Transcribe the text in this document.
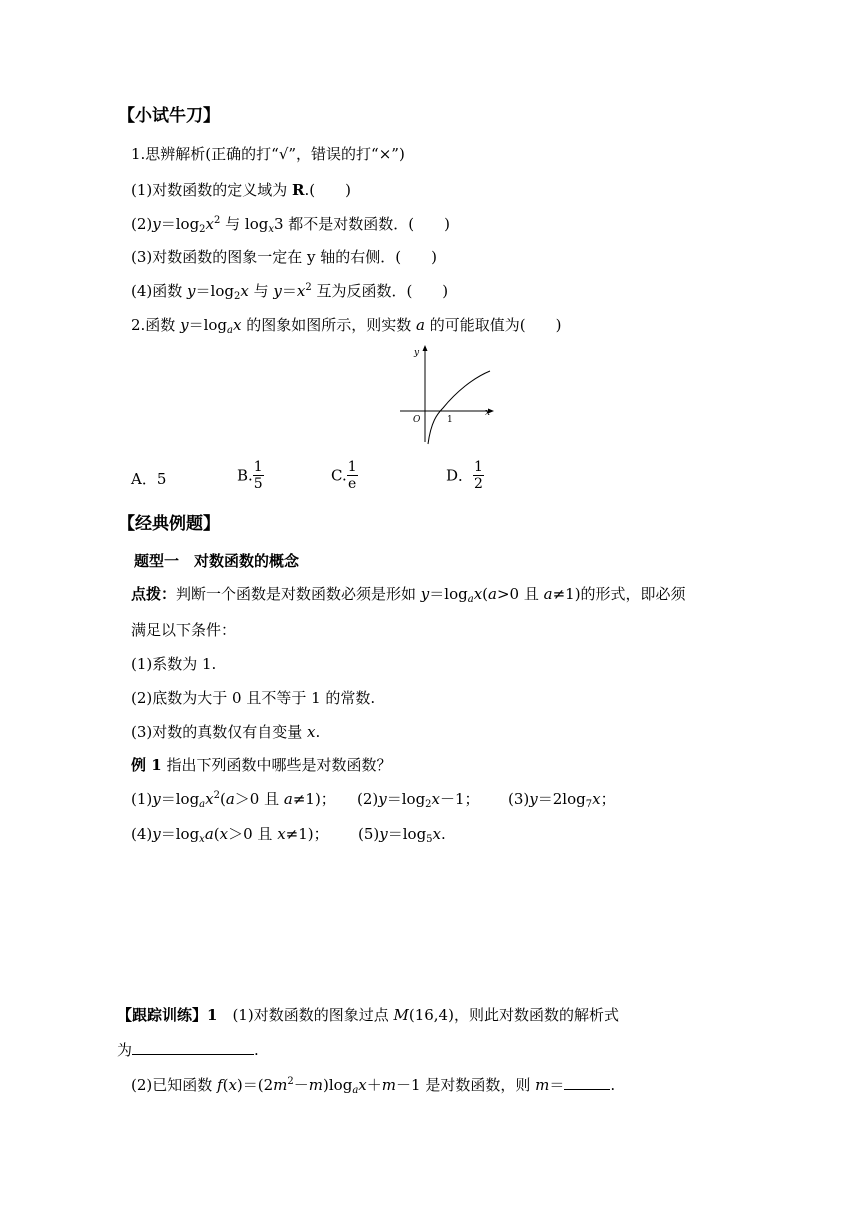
【小试牛刀】
1.思辨解析(正确的打“√”，错误的打“×”)
(1)对数函数的定义域为 R.(　　)
$(2)y=\log_2x^2$ 与 $\log_x3$ 都不是对数函数．(　　)
(3)对数函数的图象一定在 y 轴的右侧．(　　)
(4)函数 $y=\log_2x$ 与 $y=x^2$ 互为反函数．(　　)
2.函数 $y=\log_ax$ 的图象如图所示，则实数 a 的可能取值为(　　)
y
x
O	1
A．5	B. $\frac{1}{5}$	C. $\frac{1}{e}$	D． $\frac{1}{2}$
【经典例题】
题型一　对数函数的概念
点拨：判断一个函数是对数函数必须是形如 $y=\log_ax(a>0$ 且 a≠1)的形式，即必须
满足以下条件：
(1)系数为 1.
(2)底数为大于 0 且不等于 1 的常数.
(3)对数的真数仅有自变量 x.
例 1 指出下列函数中哪些是对数函数？
$(1)y=\log_ax^2(a>0$ 且 a≠1)； $(2)y=\log_2x-1$； $(3)y=2\log_7x$；
$(4)y=\log_xa(x>0$ 且 x≠1)； $(5)y=\log_5x$.
【跟踪训练】1　(1)对数函数的图象过点 M(16,4)，则此对数函数的解析式
为	.
(2)已知函数 $f(x)=(2m^2-m)\log_ax+m-1$ 是对数函数，则 m＝	.
